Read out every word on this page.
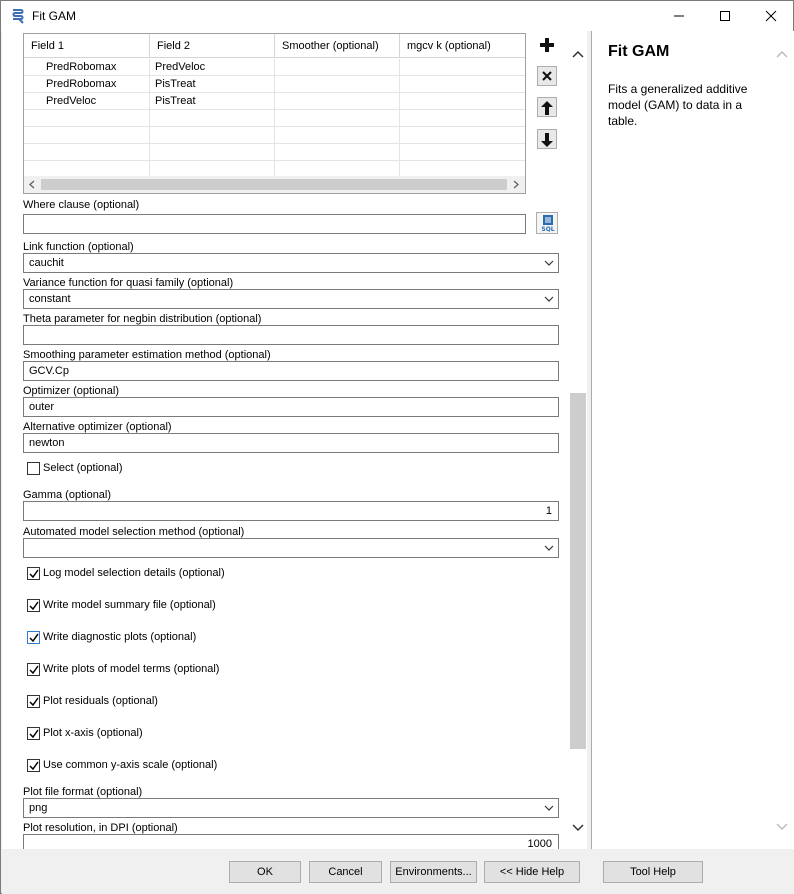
Fit GAM
Field 1	Field 2	Smoother (optional)	mgcv k (optional)
PredRobomax	PredVeloc
PredRobomax	PisTreat
PredVeloc	PisTreat
Where clause (optional)
SQL
Link function (optional)
cauchit
Variance function for quasi family (optional)
constant
Theta parameter for negbin distribution (optional)
Smoothing parameter estimation method (optional)
GCV.Cp
Optimizer (optional)
outer
Alternative optimizer (optional)
newton
Select (optional)
Gamma (optional)
1
Automated model selection method (optional)
Log model selection details (optional)
Write model summary file (optional)
Write diagnostic plots (optional)
Write plots of model terms (optional)
Plot residuals (optional)
Plot x-axis (optional)
Use common y-axis scale (optional)
Plot file format (optional)
png
Plot resolution, in DPI (optional)
1000
Fit GAM
Fits a generalized additive model (GAM) to data in a table.
OK	Cancel	Environments...	<< Hide Help	Tool Help
